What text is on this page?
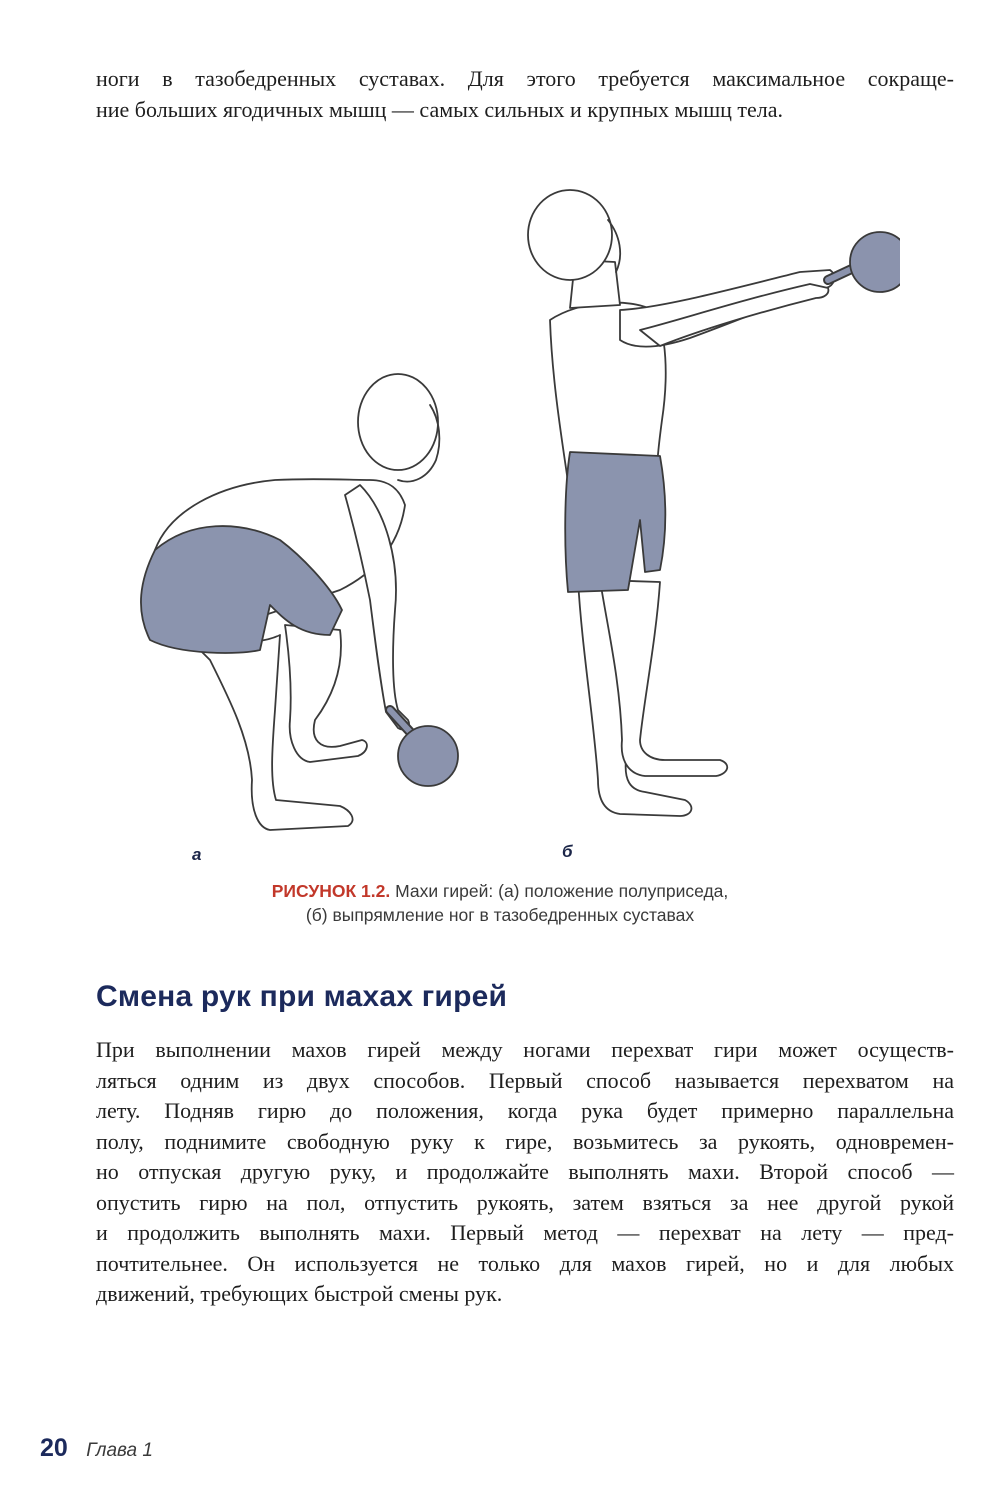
ноги в тазобедренных суставах. Для этого требуется максимальное сокраще-
ние больших ягодичных мышц — самых сильных и крупных мышц тела.

а	б
РИСУНОК 1.2. Махи гирей: (а) положение полуприседа,
(б) выпрямление ног в тазобедренных суставах
Смена рук при махах гирей

При выполнении махов гирей между ногами перехват гири может осуществ-
ляться одним из двух способов. Первый способ называется перехватом на
лету. Подняв гирю до положения, когда рука будет примерно параллельна
полу, поднимите свободную руку к гире, возьмитесь за рукоять, одновремен-
но отпуская другую руку, и продолжайте выполнять махи. Второй способ —
опустить гирю на пол, отпустить рукоять, затем взяться за нее другой рукой
и продолжить выполнять махи. Первый метод — перехват на лету — пред-
почтительнее. Он используется не только для махов гирей, но и для любых
движений, требующих быстрой смены рук.

20 Глава 1
